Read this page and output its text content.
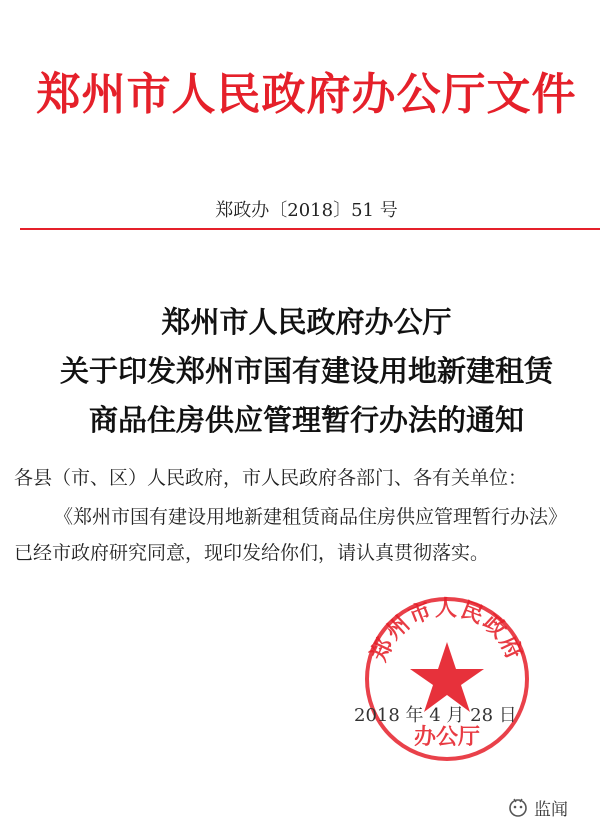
郑州市人民政府办公厅文件
郑政办〔2018〕51 号
郑州市人民政府办公厅
关于印发郑州市国有建设用地新建租赁
商品住房供应管理暂行办法的通知
各县（市、区）人民政府，市人民政府各部门、各有关单位：
《郑州市国有建设用地新建租赁商品住房供应管理暂行办法》
已经市政府研究同意，现印发给你们，请认真贯彻落实。
郑州市人民政府
办公厅
2018 年 4 月 28 日
监闻
